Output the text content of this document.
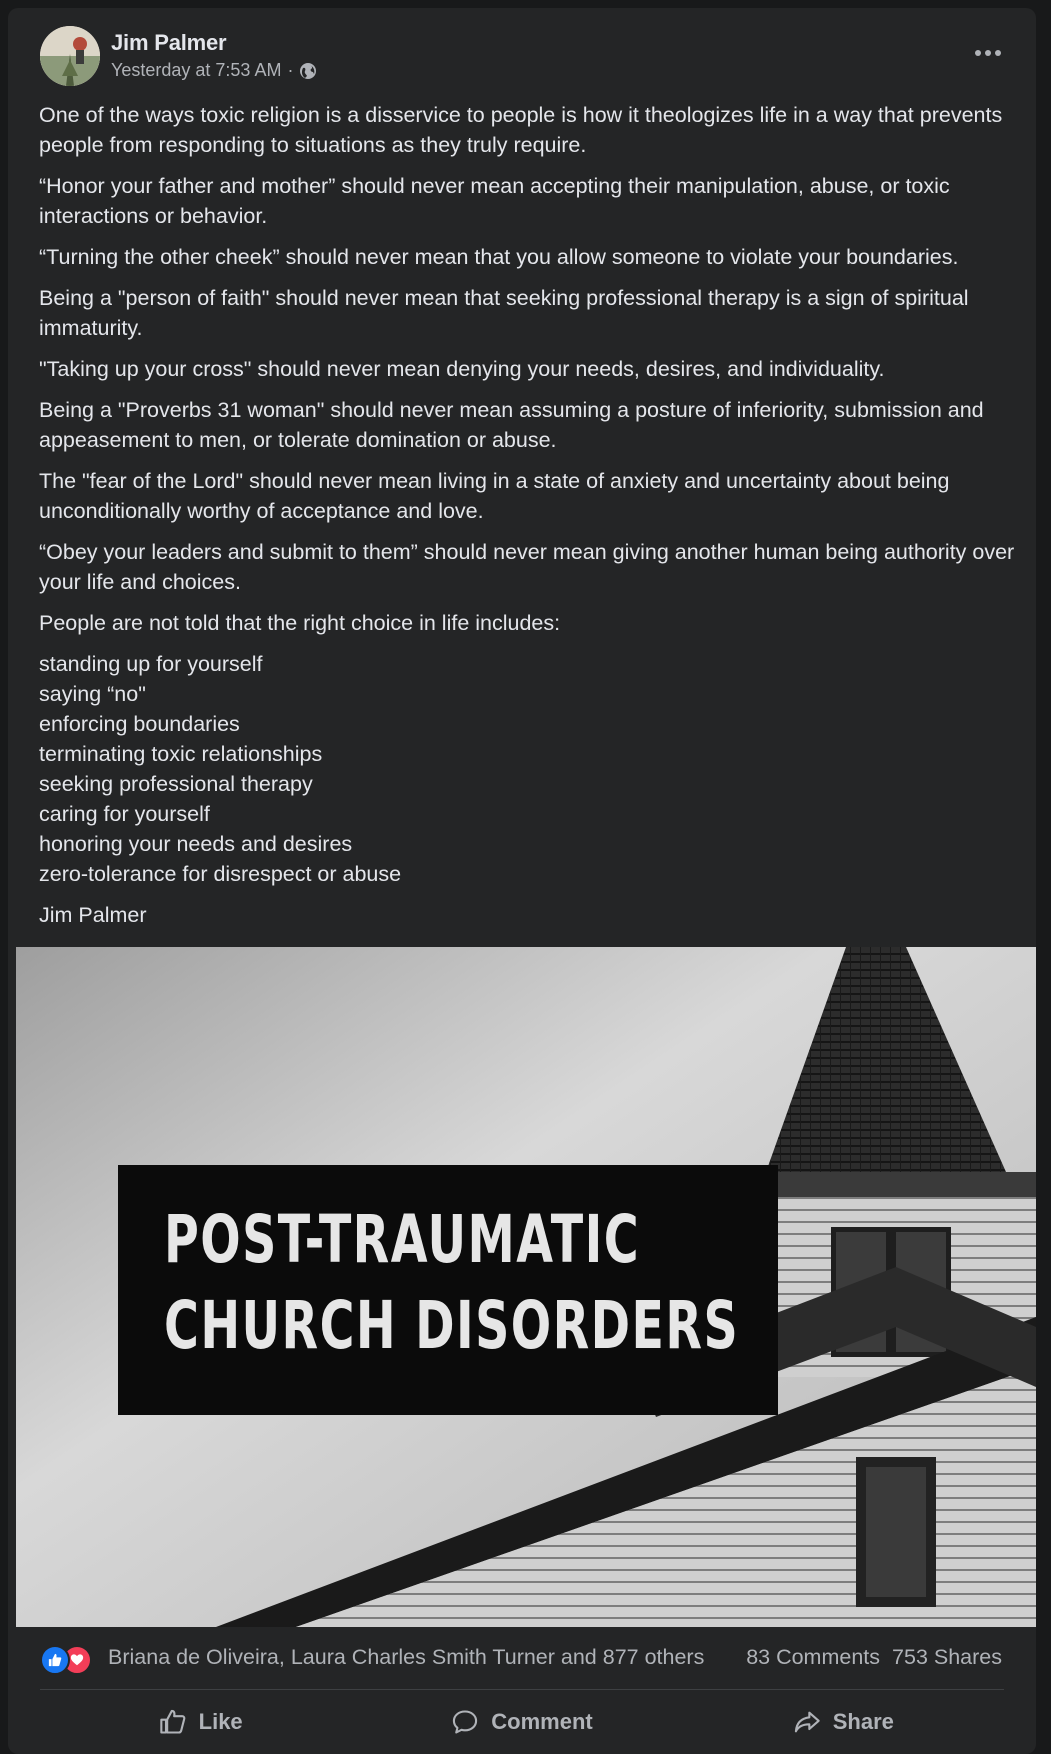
Jim Palmer
Yesterday at 7:53 AM ·

One of the ways toxic religion is a disservice to people is how it theologizes life in a way that prevents people from responding to situations as they truly require.

“Honor your father and mother” should never mean accepting their manipulation, abuse, or toxic interactions or behavior.

“Turning the other cheek” should never mean that you allow someone to violate your boundaries.

Being a "person of faith" should never mean that seeking professional therapy is a sign of spiritual immaturity.

"Taking up your cross" should never mean denying your needs, desires, and individuality.

Being a "Proverbs 31 woman" should never mean assuming a posture of inferiority, submission and appeasement to men, or tolerate domination or abuse.

The "fear of the Lord" should never mean living in a state of anxiety and uncertainty about being unconditionally worthy of acceptance and love.

“Obey your leaders and submit to them” should never mean giving another human being authority over your life and choices.

People are not told that the right choice in life includes:

standing up for yourself
saying “no"
enforcing boundaries
terminating toxic relationships
seeking professional therapy
caring for yourself
honoring your needs and desires
zero-tolerance for disrespect or abuse

Jim Palmer

POST-TRAUMATIC
CHURCH DISORDERS
Briana de Oliveira, Laura Charles Smith Turner and 877 others 83 Comments 753 Shares
Like	Comment	Share
